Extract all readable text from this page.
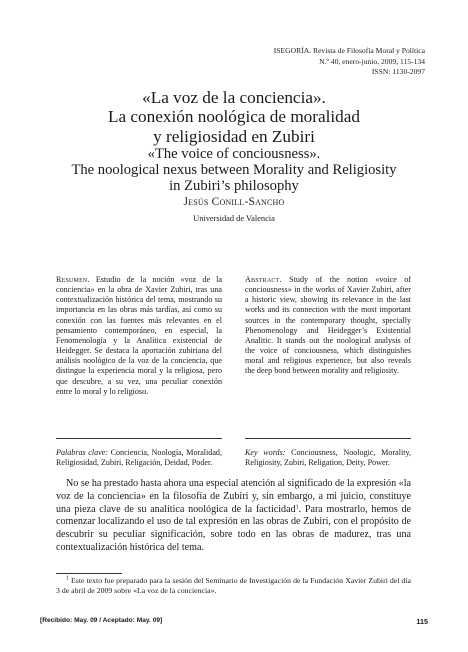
ISEGORÍA. Revista de Filosofía Moral y Política
N.º 40, enero-junio, 2009, 115-134
ISSN: 1130-2097
«La voz de la conciencia».
La conexión noológica de moralidad
y religiosidad en Zubiri
«The voice of conciousness».
The noological nexus between Morality and Religiosity
in Zubiri’s philosophy
Jesús Conill-Sancho
Universidad de Valencia

Resumen. Estudio de la noción «voz de la conciencia» en la obra de Xavier Zubiri, tras una contextualización histórica del tema, mostrando su importancia en las obras más tardías, así como su conexión con las fuentes más relevantes en el pensamiento contemporáneo, en especial, la Fenomenología y la Analítica existencial de Heidegger. Se destaca la aportación zubiriana del análisis noológico de la voz de la conciencia, que distingue la experiencia moral y la religiosa, pero que descubre, a su vez, una peculiar conexión entre lo moral y lo religioso.

Abstract. Study of the notion «voice of conciousness» in the works of Xavier Zubiri, after a historic view, showing its relevance in the last works and its connection with the most important sources in the contemporary thought, specially Phenomenology and Heidegger’s Existential Analitic. It stands out the noological analysis of the voice of conciousness, which distinguishes moral and religious experience, but also reveals the deep bond between morality and religiosity.

Palabras clave: Conciencia, Noología, Moralidad, Religiosidad, Zubiri, Religación, Deidad, Poder.

Key words: Conciousness, Noologic, Morality, Religiosity, Zubiri, Religation, Deity, Power.

No se ha prestado hasta ahora una especial atención al significado de la expresión «la voz de la conciencia» en la filosofía de Zubiri y, sin embargo, a mi juicio, constituye una pieza clave de su analítica noológica de la facticidad$^1$. Para mostrarlo, hemos de comenzar localizando el uso de tal expresión en las obras de Zubiri, con el propósito de descubrir su peculiar significación, sobre todo en las obras de madurez, tras una contextualización histórica del tema.

$^1$ Este texto fue preparado para la sesión del Seminario de Investigación de la Fundación Xavier Zubiri del día 3 de abril de 2009 sobre «La voz de la conciencia».

[Recibido: May. 09 / Aceptado: May. 09]	115
